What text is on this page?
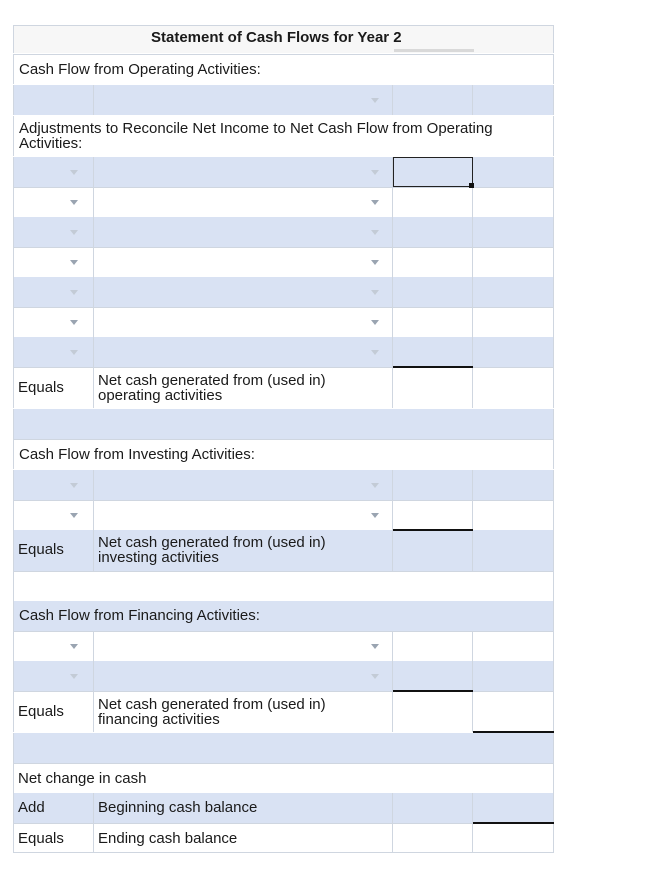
Statement of Cash Flows for Year 2
Cash Flow from Operating Activities:
Adjustments to Reconcile Net Income to Net Cash Flow from Operating
Activities:
Equals Net cash generated from (used in)
operating activities
Cash Flow from Investing Activities:
Equals Net cash generated from (used in)
investing activities
Cash Flow from Financing Activities:
Equals Net cash generated from (used in)
financing activities
Net change in cash
Add	Beginning cash balance
Equals Ending cash balance
